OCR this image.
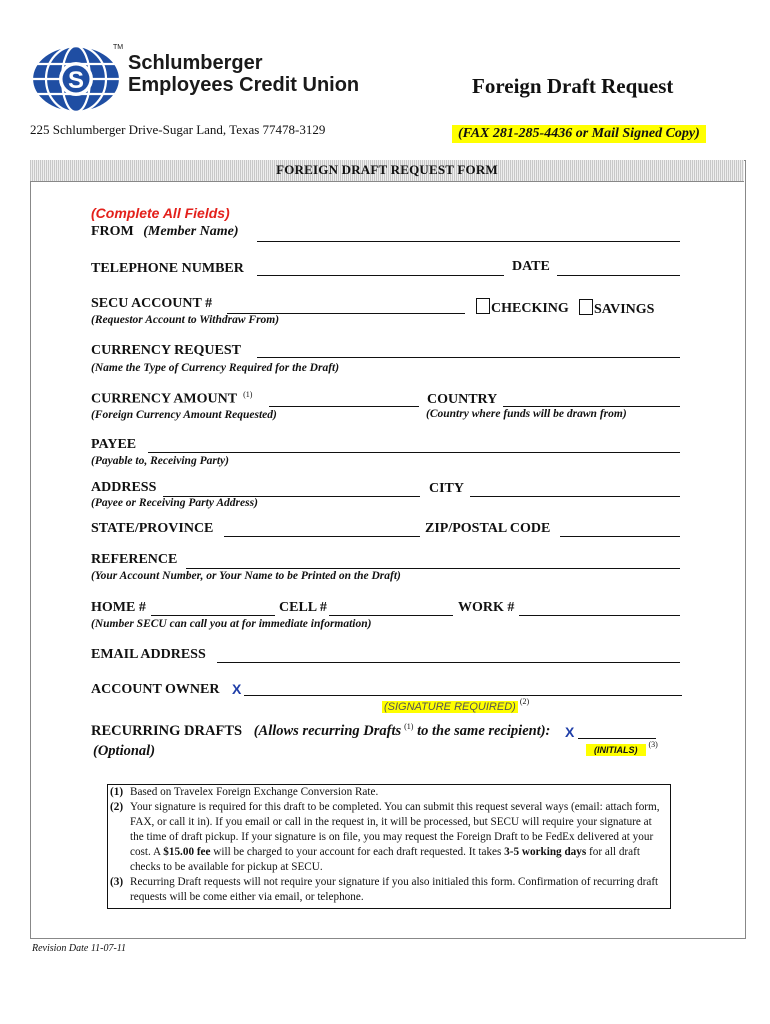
S
TM
Schlumberger
Employees Credit Union	Foreign Draft Request
225 Schlumberger Drive-Sugar Land, Texas 77478-3129	(FAX 281-285-4436 or Mail Signed Copy)
FOREIGN DRAFT REQUEST FORM
(Complete All Fields)
FROM (Member Name)
TELEPHONE NUMBER	DATE
SECU ACCOUNT #
(Requestor Account to Withdraw From)
CHECKING	SAVINGS
CURRENCY REQUEST
(Name the Type of Currency Required for the Draft)
CURRENCY AMOUNT $^{(1)}$
(Foreign Currency Amount Requested)
COUNTRY
(Country where funds will be drawn from)
PAYEE
(Payable to, Receiving Party)
ADDRESS
(Payee or Receiving Party Address)
CITY
STATE/PROVINCE	ZIP/POSTAL CODE
REFERENCE
(Your Account Number, or Your Name to be Printed on the Draft)
HOME #	CELL #	WORK #
(Number SECU can call you at for immediate information)
EMAIL ADDRESS
ACCOUNT OWNER X
(SIGNATURE REQUIRED) $^{(2)}$
RECURRING DRAFTS (Allows recurring Drafts $^{(1)}$ to the same recipient): X
(Optional)	(INITIALS)$^{(3)}$
(1) Based on Travelex Foreign Exchange Conversion Rate.
(2) Your signature is required for this draft to be completed. You can submit this request several ways (email: attach form, FAX, or call it in). If you email or call in the request in, it will be processed, but SECU will require your signature at the time of draft pickup. If your signature is on file, you may request the Foreign Draft to be FedEx delivered at your cost. A $15.00 fee will be charged to your account for each draft requested. It takes 3-5 working days for all draft checks to be available for pickup at SECU.
(3) Recurring Draft requests will not require your signature if you also initialed this form. Confirmation of recurring draft requests will be come either via email, or telephone.
Revision Date 11-07-11
